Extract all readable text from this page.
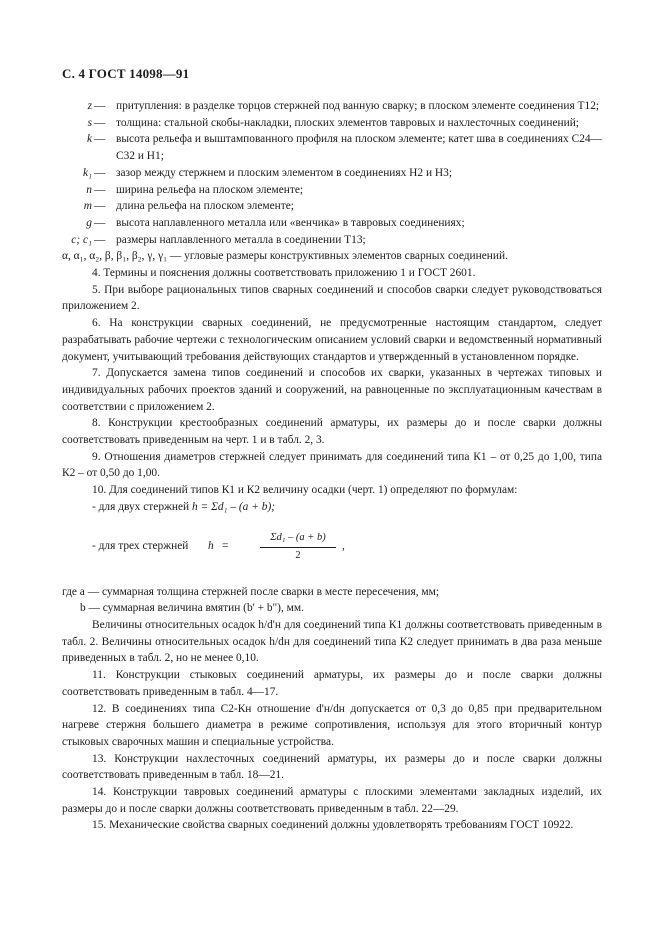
С. 4 ГОСТ 14098—91
z — притупления: в разделке торцов стержней под ванную сварку; в плоском элементе соединения Т12;
s — толщина: стальной скобы-накладки, плоских элементов тавровых и нахлесточных соединений;
k — высота рельефа и выштампованного профиля на плоском элементе; катет шва в соединениях С24—С32 и Н1;
k₁ — зазор между стержнем и плоским элементом в соединениях Н2 и Н3;
n — ширина рельефа на плоском элементе;
m — длина рельефа на плоском элементе;
g — высота наплавленного металла или «венчика» в тавровых соединениях;
c; c₁ — размеры наплавленного металла в соединении Т13;

α, α₁, α₂, β, β₁, β₂, γ, γ₁ — угловые размеры конструктивных элементов сварных соединений.

4. Термины и пояснения должны соответствовать приложению 1 и ГОСТ 2601.

5. При выборе рациональных типов сварных соединений и способов сварки следует руководствоваться приложением 2.

6. На конструкции сварных соединений, не предусмотренные настоящим стандартом, следует разрабатывать рабочие чертежи с технологическим описанием условий сварки и ведомственный нормативный документ, учитывающий требования действующих стандартов и утвержденный в установленном порядке.

7. Допускается замена типов соединений и способов их сварки, указанных в чертежах типовых и индивидуальных рабочих проектов зданий и сооружений, на равноценные по эксплуатационным качествам в соответствии с приложением 2.

8. Конструкции крестообразных соединений арматуры, их размеры до и после сварки должны соответствовать приведенным на черт. 1 и в табл. 2, 3.

9. Отношения диаметров стержней следует принимать для соединений типа К1 – от 0,25 до 1,00, типа К2 – от 0,50 до 1,00.

10. Для соединений типов К1 и К2 величину осадки (черт. 1) определяют по формулам:

- для двух стержней h = Σd₁ – (a + b);

- для трех стержней h =	$\frac{\text{Σd₁ – (a + b)}}{2}$ ,

где a — суммарная толщина стержней после сварки в месте пересечения, мм;

b — суммарная величина вмятин (b' + b"), мм.

Величины относительных осадок h/d'н для соединений типа К1 должны соответствовать приведенным в табл. 2. Величины относительных осадок h/dн для соединений типа К2 следует принимать в два раза меньше приведенных в табл. 2, но не менее 0,10.

11. Конструкции стыковых соединений арматуры, их размеры до и после сварки должны соответствовать приведенным в табл. 4—17.

12. В соединениях типа С2-Кн отношение d'н/dн допускается от 0,3 до 0,85 при предварительном нагреве стержня большего диаметра в режиме сопротивления, используя для этого вторичный контур стыковых сварочных машин и специальные устройства.

13. Конструкции нахлесточных соединений арматуры, их размеры до и после сварки должны соответствовать приведенным в табл. 18—21.

14. Конструкции тавровых соединений арматуры с плоскими элементами закладных изделий, их размеры до и после сварки должны соответствовать приведенным в табл. 22—29.

15. Механические свойства сварных соединений должны удовлетворять требованиям ГОСТ 10922.
